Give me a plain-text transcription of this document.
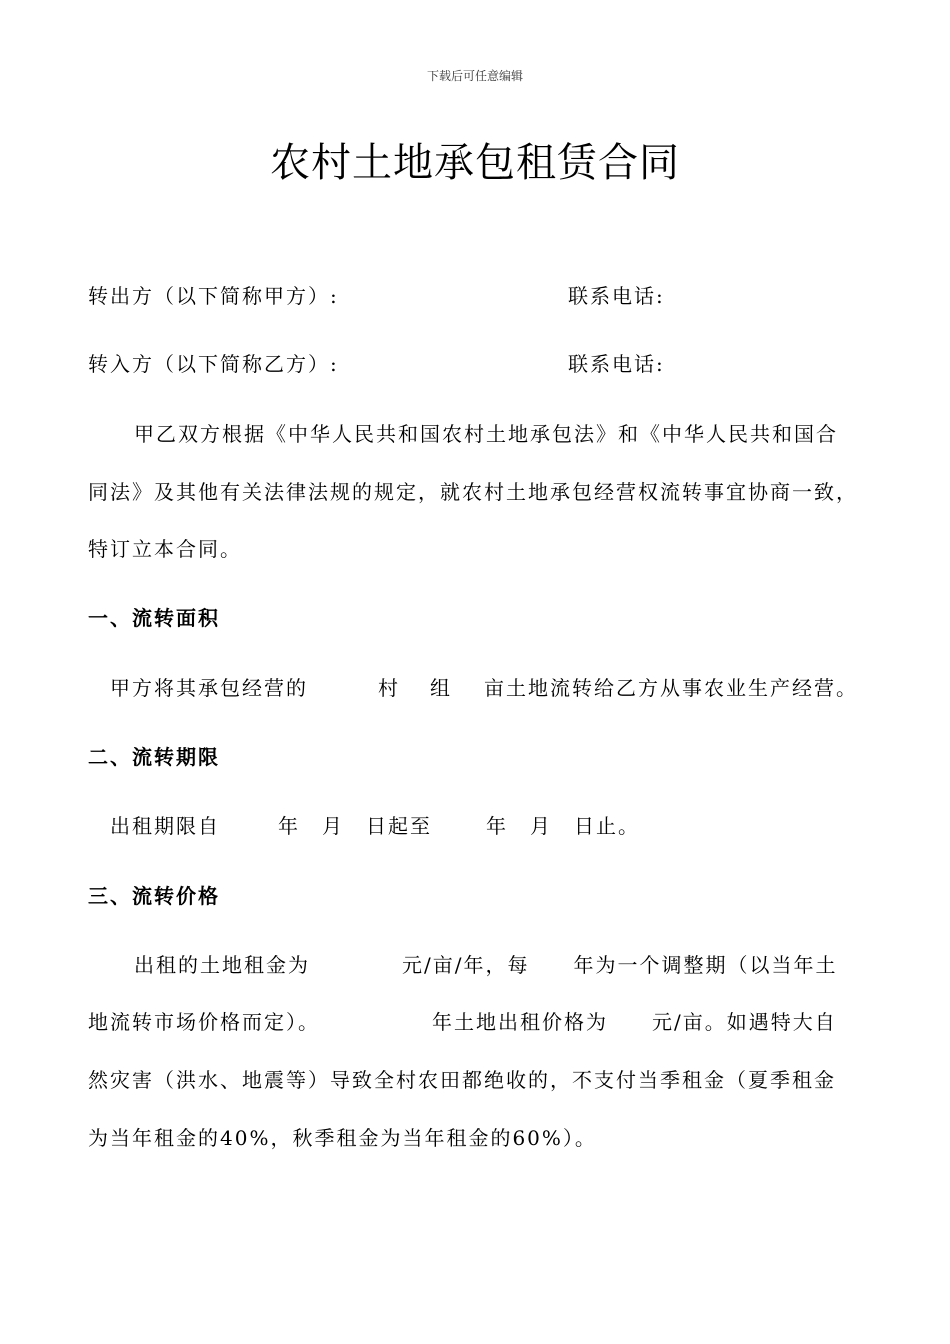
下载后可任意编辑
农村土地承包租赁合同
转出方（以下简称甲方）:	联系电话:
转入方（以下简称乙方）:	联系电话:
甲乙双方根据《中华人民共和国农村土地承包法》和《中华人民共和国合
同法》及其他有关法律法规的规定，就农村土地承包经营权流转事宜协商一致，
特订立本合同。
一、流转面积
甲方将其承包经营的	村 组 亩土地流转给乙方从事农业生产经营。
二、流转期限
出租期限自	年 月 日起至	年 月 日止。
三、流转价格
出租的土地租金为	元/亩/年，每 年为一个调整期（以当年土
地流转市场价格而定）。	年土地出租价格为 元/亩。如遇特大自
然灾害（洪水、地震等）导致全村农田都绝收的，不支付当季租金（夏季租金
为当年租金的40%，秋季租金为当年租金的60%）。
